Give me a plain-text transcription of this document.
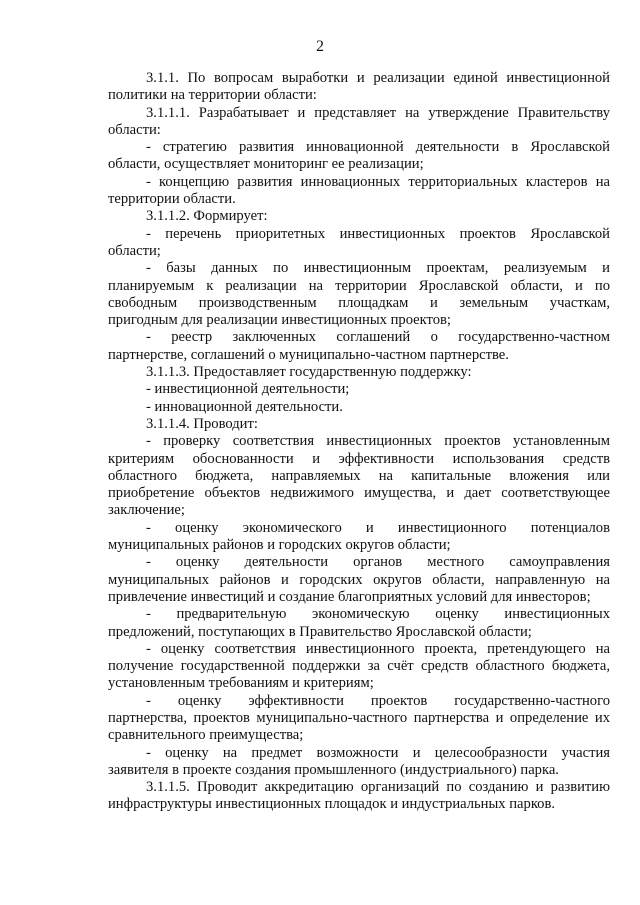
2
3.1.1. По вопросам выработки и реализации единой инвестиционной
политики на территории области:
3.1.1.1. Разрабатывает и представляет на утверждение Правительству
области:
- стратегию развития инновационной деятельности в Ярославской
области, осуществляет мониторинг ее реализации;
- концепцию развития инновационных территориальных кластеров на
территории области.
3.1.1.2. Формирует:
- перечень приоритетных инвестиционных проектов Ярославской
области;
- базы данных по инвестиционным проектам, реализуемым и
планируемым к реализации на территории Ярославской области, и по
свободным производственным площадкам и земельным участкам,
пригодным для реализации инвестиционных проектов;
- реестр заключенных соглашений о государственно-частном
партнерстве, соглашений о муниципально-частном партнерстве.
3.1.1.3. Предоставляет государственную поддержку:
- инвестиционной деятельности;
- инновационной деятельности.
3.1.1.4. Проводит:
- проверку соответствия инвестиционных проектов установленным
критериям обоснованности и эффективности использования средств
областного бюджета, направляемых на капитальные вложения или
приобретение объектов недвижимого имущества, и дает соответствующее
заключение;
- оценку экономического и инвестиционного потенциалов
муниципальных районов и городских округов области;
- оценку деятельности органов местного самоуправления
муниципальных районов и городских округов области, направленную на
привлечение инвестиций и создание благоприятных условий для инвесторов;
- предварительную экономическую оценку инвестиционных
предложений, поступающих в Правительство Ярославской области;
- оценку соответствия инвестиционного проекта, претендующего на
получение государственной поддержки за счёт средств областного бюджета,
установленным требованиям и критериям;
- оценку эффективности проектов государственно-частного
партнерства, проектов муниципально-частного партнерства и определение их
сравнительного преимущества;
- оценку на предмет возможности и целесообразности участия
заявителя в проекте создания промышленного (индустриального) парка.
3.1.1.5. Проводит аккредитацию организаций по созданию и развитию
инфраструктуры инвестиционных площадок и индустриальных парков.
